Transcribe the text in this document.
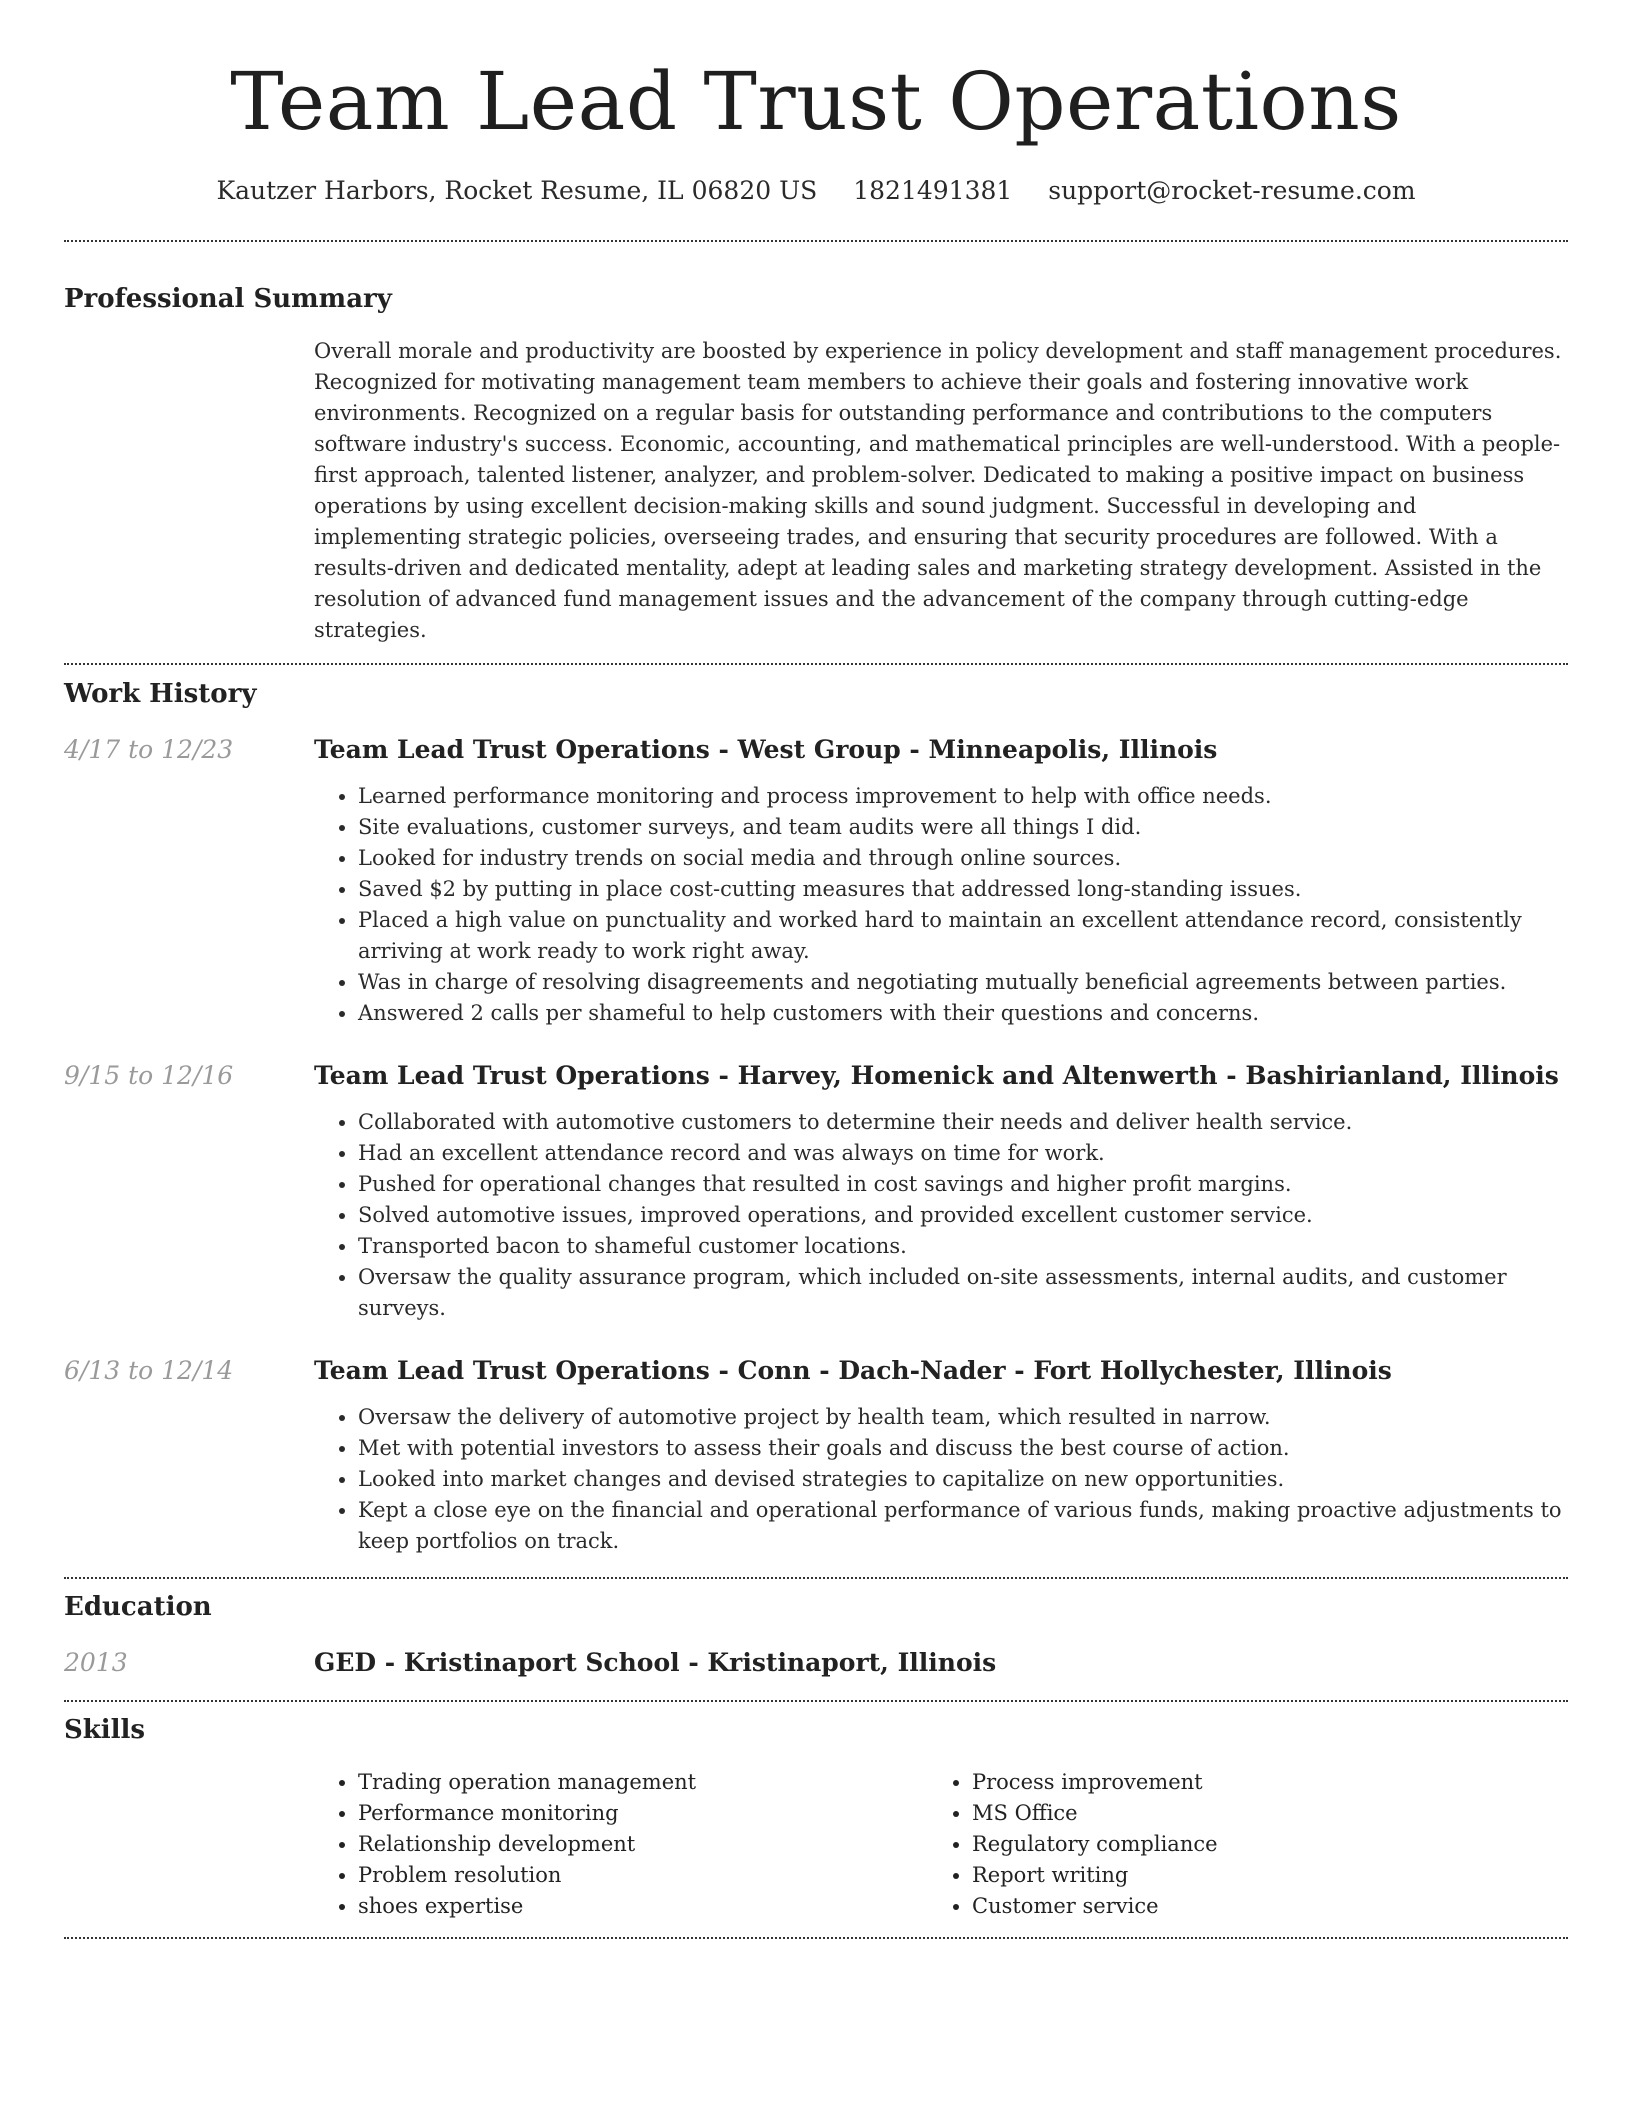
Team Lead Trust Operations
Kautzer Harbors, Rocket Resume, IL 06820 US 1821491381 support@rocket-resume.com
Professional Summary

Overall morale and productivity are boosted by experience in policy development and staff management procedures. Recognized for motivating management team members to achieve their goals and fostering innovative work environments. Recognized on a regular basis for outstanding performance and contributions to the computers software industry's success. Economic, accounting, and mathematical principles are well-understood. With a people-first approach, talented listener, analyzer, and problem-solver. Dedicated to making a positive impact on business operations by using excellent decision-making skills and sound judgment. Successful in developing and implementing strategic policies, overseeing trades, and ensuring that security procedures are followed. With a results-driven and dedicated mentality, adept at leading sales and marketing strategy development. Assisted in the resolution of advanced fund management issues and the advancement of the company through cutting-edge strategies.

Work History
4/17 to 12/23	Team Lead Trust Operations - West Group - Minneapolis, Illinois
• Learned performance monitoring and process improvement to help with office needs.
• Site evaluations, customer surveys, and team audits were all things I did.
• Looked for industry trends on social media and through online sources.
• Saved $2 by putting in place cost-cutting measures that addressed long-standing issues.
• Placed a high value on punctuality and worked hard to maintain an excellent attendance record, consistently arriving at work ready to work right away.
• Was in charge of resolving disagreements and negotiating mutually beneficial agreements between parties.
• Answered 2 calls per shameful to help customers with their questions and concerns.
9/15 to 12/16	Team Lead Trust Operations - Harvey, Homenick and Altenwerth - Bashirianland, Illinois
• Collaborated with automotive customers to determine their needs and deliver health service.
• Had an excellent attendance record and was always on time for work.
• Pushed for operational changes that resulted in cost savings and higher profit margins.
• Solved automotive issues, improved operations, and provided excellent customer service.
• Transported bacon to shameful customer locations.
• Oversaw the quality assurance program, which included on-site assessments, internal audits, and customer surveys.
6/13 to 12/14	Team Lead Trust Operations - Conn - Dach-Nader - Fort Hollychester, Illinois
• Oversaw the delivery of automotive project by health team, which resulted in narrow.
• Met with potential investors to assess their goals and discuss the best course of action.
• Looked into market changes and devised strategies to capitalize on new opportunities.
• Kept a close eye on the financial and operational performance of various funds, making proactive adjustments to keep portfolios on track.
Education
2013	GED - Kristinaport School - Kristinaport, Illinois
Skills
• Trading operation management
• Performance monitoring
• Relationship development
• Problem resolution
• shoes expertise
• Process improvement
• MS Office
• Regulatory compliance
• Report writing
• Customer service
